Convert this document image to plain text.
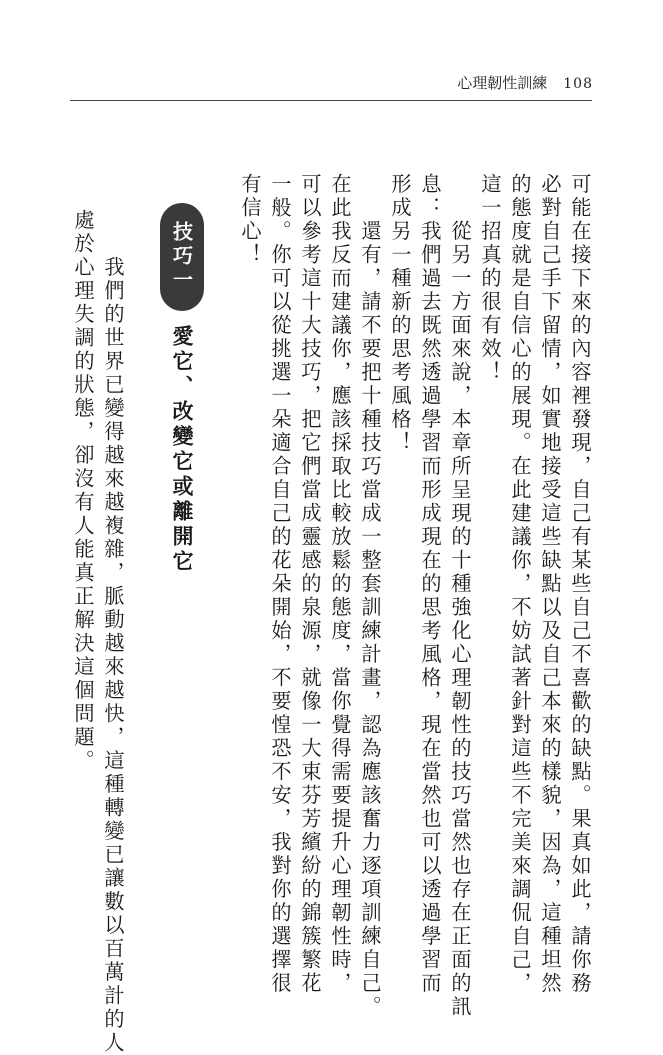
心理韌性訓練 108
可能在接下來的內容裡發現，自己有某些自己不喜歡的缺點。果真如此，請你務
必對自己手下留情，如實地接受這些缺點以及自己本來的樣貌，因為，這種坦然
的態度就是自信心的展現。在此建議你，不妨試著針對這些不完美來調侃自己，
這一招真的很有效！
　　從另一方面來說，本章所呈現的十種強化心理韌性的技巧當然也存在正面的訊
息：我們過去既然透過學習而形成現在的思考風格，現在當然也可以透過學習而
形成另一種新的思考風格！
　　還有，請不要把十種技巧當成一整套訓練計畫，認為應該奮力逐項訓練自己。
在此我反而建議你，應該採取比較放鬆的態度，當你覺得需要提升心理韌性時，
可以參考這十大技巧，把它們當成靈感的泉源，就像一大束芬芳繽紛的錦簇繁花
一般。你可以從挑選一朵適合自己的花朵開始，不要惶恐不安，我對你的選擇很
有信心！
技巧一
愛它、改變它或離開它
　　我們的世界已變得越來越複雜，脈動越來越快，這種轉變已讓數以百萬計的人
處於心理失調的狀態，卻沒有人能真正解決這個問題。
